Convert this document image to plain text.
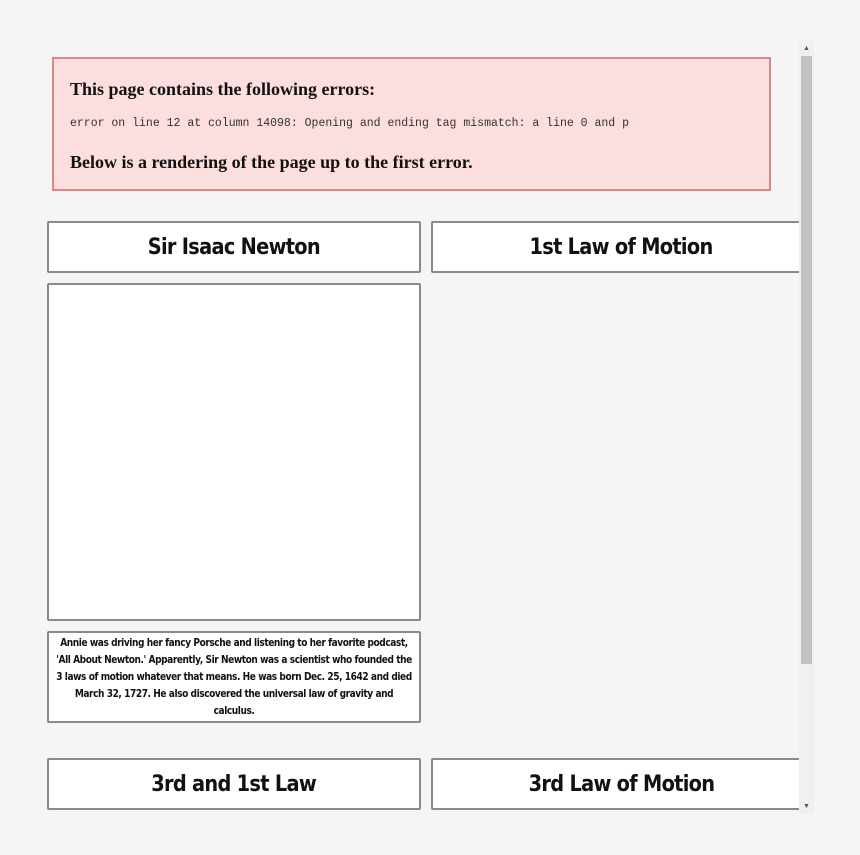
This page contains the following errors:
error on line 12 at column 14098: Opening and ending tag mismatch: a line 0 and p
Below is a rendering of the page up to the first error.
Sir Isaac Newton	1st Law of Motion
Annie was driving her fancy Porsche and listening to her favorite podcast, 'All About Newton.' Apparently, Sir Newton was a scientist who founded the 3 laws of motion whatever that means. He was born Dec. 25, 1642 and died March 32, 1727. He also discovered the universal law of gravity and calculus.
3rd and 1st Law	3rd Law of Motion
▲
▼
